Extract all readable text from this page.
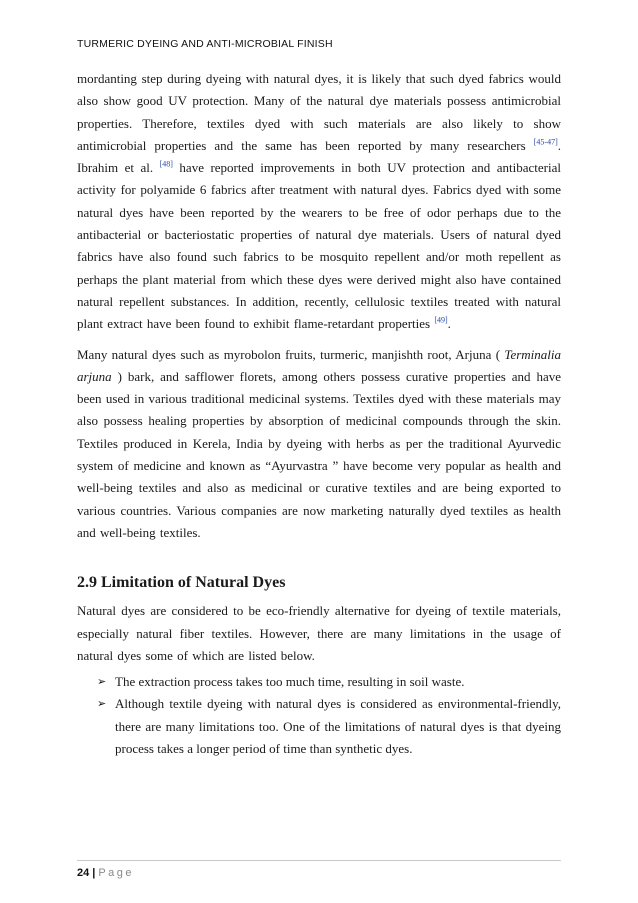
TURMERIC DYEING AND ANTI-MICROBIAL FINISH

mordanting step during dyeing with natural dyes, it is likely that such dyed fabrics would also show good UV protection. Many of the natural dye materials possess antimicrobial properties. Therefore, textiles dyed with such materials are also likely to show antimicrobial properties and the same has been reported by many researchers [45-47]. Ibrahim et al. [48] have reported improvements in both UV protection and antibacterial activity for polyamide 6 fabrics after treatment with natural dyes. Fabrics dyed with some natural dyes have been reported by the wearers to be free of odor perhaps due to the antibacterial or bacteriostatic properties of natural dye materials. Users of natural dyed fabrics have also found such fabrics to be mosquito repellent and/or moth repellent as perhaps the plant material from which these dyes were derived might also have contained natural repellent substances. In addition, recently, cellulosic textiles treated with natural plant extract have been found to exhibit flame-retardant properties [49].

Many natural dyes such as myrobolon fruits, turmeric, manjishth root, Arjuna ( Terminalia arjuna ) bark, and safflower florets, among others possess curative properties and have been used in various traditional medicinal systems. Textiles dyed with these materials may also possess healing properties by absorption of medicinal compounds through the skin. Textiles produced in Kerela, India by dyeing with herbs as per the traditional Ayurvedic system of medicine and known as “Ayurvastra ” have become very popular as health and well-being textiles and also as medicinal or curative textiles and are being exported to various countries. Various companies are now marketing naturally dyed textiles as health and well-being textiles.

2.9 Limitation of Natural Dyes

Natural dyes are considered to be eco-friendly alternative for dyeing of textile materials, especially natural fiber textiles. However, there are many limitations in the usage of natural dyes some of which are listed below.

➢ The extraction process takes too much time, resulting in soil waste.
➢ Although textile dyeing with natural dyes is considered as environmental-friendly, there are many limitations too. One of the limitations of natural dyes is that dyeing process takes a longer period of time than synthetic dyes.
24 | Page
